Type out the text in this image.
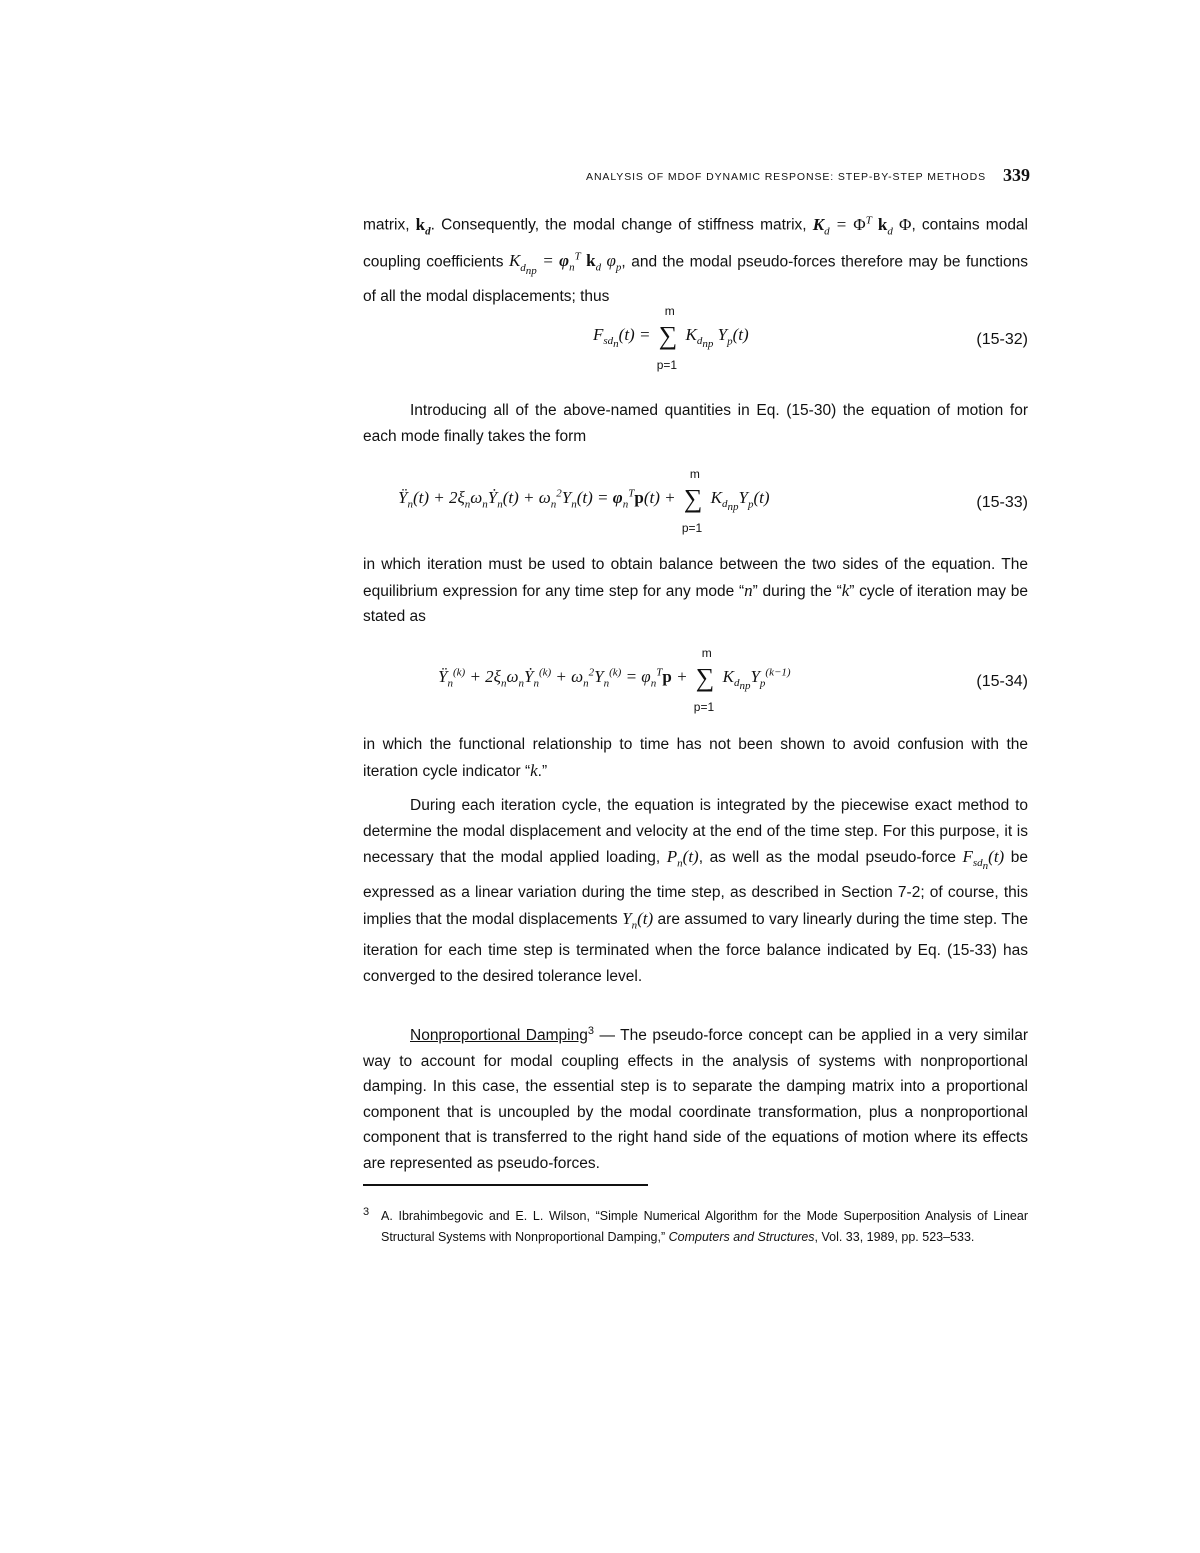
ANALYSIS OF MDOF DYNAMIC RESPONSE: STEP-BY-STEP METHODS 339
matrix, $k_d$. Consequently, the modal change of stiffness matrix, $K_d = \Phi^T$ $k_d$ Φ, contains modal coupling coefficients $K_{d_{np}} = \varphi_n^T$ $k_d$ $\varphi_p$, and the modal pseudo-forces therefore may be functions of all the modal displacements; thus
$F_{sd_n}(t)$ = ∑
m
p=1
$K_{d_{np}}$ $Y_p(t)$	(15-32)
Introducing all of the above-named quantities in Eq. (15-30) the equation of motion for each mode finally takes the form
$Ÿ_n(t)$ + $2\xi_n\omega_nẎ_n(t) + \omega_n^2Y_n(t) = \varphi_n^Tp(t)$ + ∑
m
p=1
$K_{d_{np}}Y_p(t)$	(15-33)
in which iteration must be used to obtain balance between the two sides of the equation. The equilibrium expression for any time step for any mode “n” during the “k” cycle of iteration may be stated as
$Ÿ_n^{(k)}$ + $2\xi_n\omega_nẎ_n^{(k)} + \omega_n^2Y_n^{(k)} = \varphi_n^Tp$ + ∑
m
p=1
$K_{d_{np}}Y_p^{(k-1)}$
(15-34)
in which the functional relationship to time has not been shown to avoid confusion with the iteration cycle indicator “k.”
During each iteration cycle, the equation is integrated by the piecewise exact method to determine the modal displacement and velocity at the end of the time step. For this purpose, it is necessary that the modal applied loading, $P_n(t)$, as well as the modal pseudo-force $F_{sd_n}(t)$ be expressed as a linear variation during the time step, as described in Section 7-2; of course, this implies that the modal displacements $Y_n(t)$ are assumed to vary linearly during the time step. The iteration for each time step is terminated when the force balance indicated by Eq. (15-33) has converged to the desired tolerance level.
Nonproportional Damping$^3$ — The pseudo-force concept can be applied in a very similar way to account for modal coupling effects in the analysis of systems with nonproportional damping. In this case, the essential step is to separate the damping matrix into a proportional component that is uncoupled by the modal coordinate transformation, plus a nonproportional component that is transferred to the right hand side of the equations of motion where its effects are represented as pseudo-forces.
3 A. Ibrahimbegovic and E. L. Wilson, “Simple Numerical Algorithm for the Mode Superposition Analysis of Linear Structural Systems with Nonproportional Damping,” Computers and Structures, Vol. 33, 1989, pp. 523–533.
